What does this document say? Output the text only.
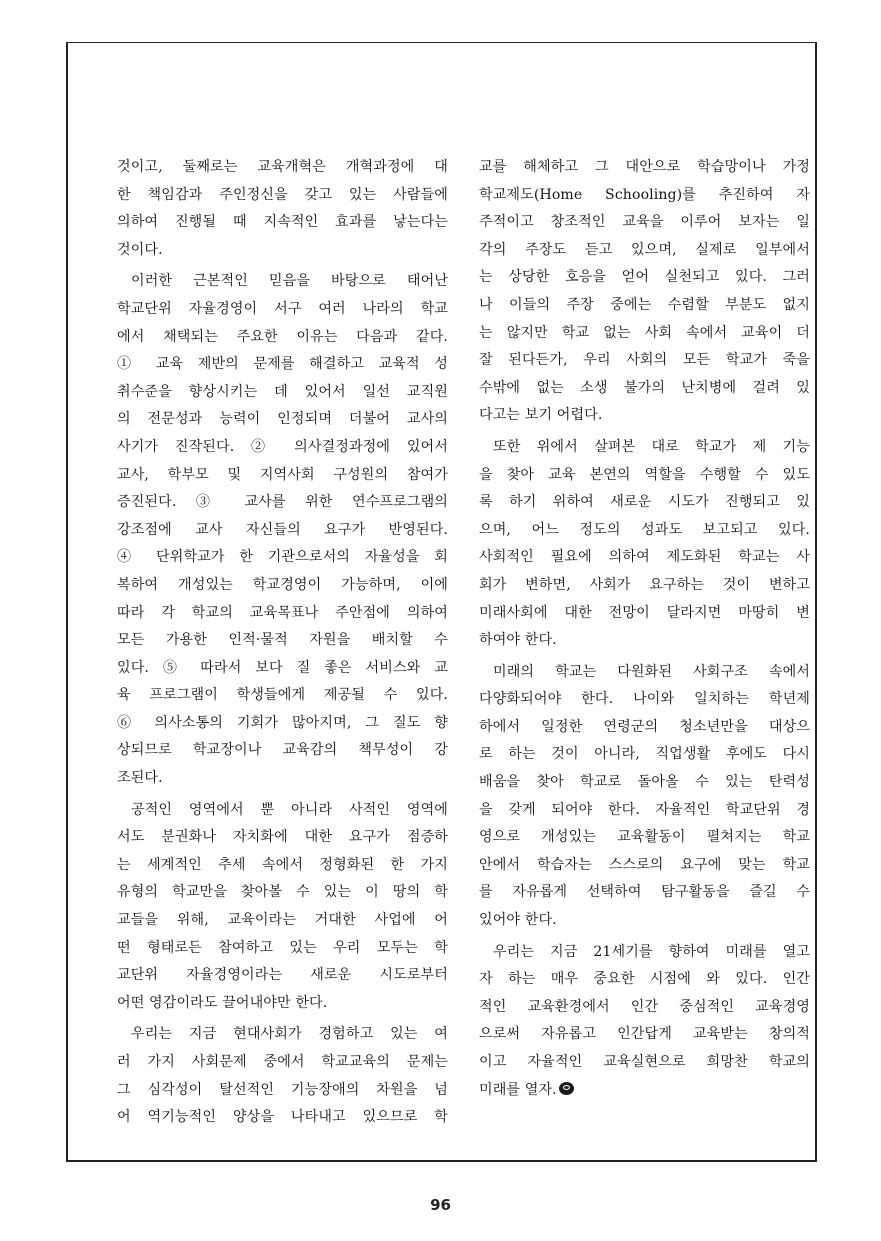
것이고, 둘째로는 교육개혁은 개혁과정에 대
한 책임감과 주인정신을 갖고 있는 사람들에
의하여 진행될 때 지속적인 효과를 낳는다는
것이다.
이러한 근본적인 믿음을 바탕으로 태어난
학교단위 자율경영이 서구 여러 나라의 학교
에서 채택되는 주요한 이유는 다음과 같다.
① 교육 제반의 문제를 해결하고 교육적 성
취수준을 향상시키는 데 있어서 일선 교직원
의 전문성과 능력이 인정되며 더불어 교사의
사기가 진작된다. ② 의사결정과정에 있어서
교사, 학부모 및 지역사회 구성원의 참여가
증진된다. ③ 교사를 위한 연수프로그램의
강조점에 교사 자신들의 요구가 반영된다.
④ 단위학교가 한 기관으로서의 자율성을 회
복하여 개성있는 학교경영이 가능하며, 이에
따라 각 학교의 교육목표나 주안점에 의하여
모든 가용한 인적·물적 자원을 배치할 수
있다. ⑤ 따라서 보다 질 좋은 서비스와 교
육 프로그램이 학생들에게 제공될 수 있다.
⑥ 의사소통의 기회가 많아지며, 그 질도 향
상되므로 학교장이나 교육감의 책무성이 강
조된다.
공적인 영역에서 뿐 아니라 사적인 영역에
서도 분권화나 자치화에 대한 요구가 점증하
는 세계적인 추세 속에서 정형화된 한 가지
유형의 학교만을 찾아볼 수 있는 이 땅의 학
교들을 위해, 교육이라는 거대한 사업에 어
떤 형태로든 참여하고 있는 우리 모두는 학
교단위 자율경영이라는 새로운 시도로부터
어떤 영감이라도 끌어내야만 한다.
우리는 지금 현대사회가 경험하고 있는 여
러 가지 사회문제 중에서 학교교육의 문제는
그 심각성이 탈선적인 기능장애의 차원을 넘
어 역기능적인 양상을 나타내고 있으므로 학
교를 해체하고 그 대안으로 학습망이나 가정
학교제도(Home Schooling)를 추진하여 자
주적이고 창조적인 교육을 이루어 보자는 일
각의 주장도 듣고 있으며, 실제로 일부에서
는 상당한 호응을 얻어 실천되고 있다. 그러
나 이들의 주장 중에는 수렴할 부분도 없지
는 않지만 학교 없는 사회 속에서 교육이 더
잘 된다든가, 우리 사회의 모든 학교가 죽을
수밖에 없는 소생 불가의 난치병에 걸려 있
다고는 보기 어렵다.
또한 위에서 살펴본 대로 학교가 제 기능
을 찾아 교육 본연의 역할을 수행할 수 있도
록 하기 위하여 새로운 시도가 진행되고 있
으며, 어느 정도의 성과도 보고되고 있다.
사회적인 필요에 의하여 제도화된 학교는 사
회가 변하면, 사회가 요구하는 것이 변하고
미래사회에 대한 전망이 달라지면 마땅히 변
하여야 한다.
미래의 학교는 다원화된 사회구조 속에서
다양화되어야 한다. 나이와 일치하는 학년제
하에서 일정한 연령군의 청소년만을 대상으
로 하는 것이 아니라, 직업생활 후에도 다시
배움을 찾아 학교로 돌아올 수 있는 탄력성
을 갖게 되어야 한다. 자율적인 학교단위 경
영으로 개성있는 교육활동이 펼쳐지는 학교
안에서 학습자는 스스로의 요구에 맞는 학교
를 자유롭게 선택하여 탐구활동을 즐길 수
있어야 한다.
우리는 지금 21세기를 향하여 미래를 열고
자 하는 매우 중요한 시점에 와 있다. 인간
적인 교육환경에서 인간 중심적인 교육경영
으로써 자유롭고 인간답게 교육받는 창의적
이고 자율적인 교육실현으로 희망찬 학교의
미래를 열자.
96
